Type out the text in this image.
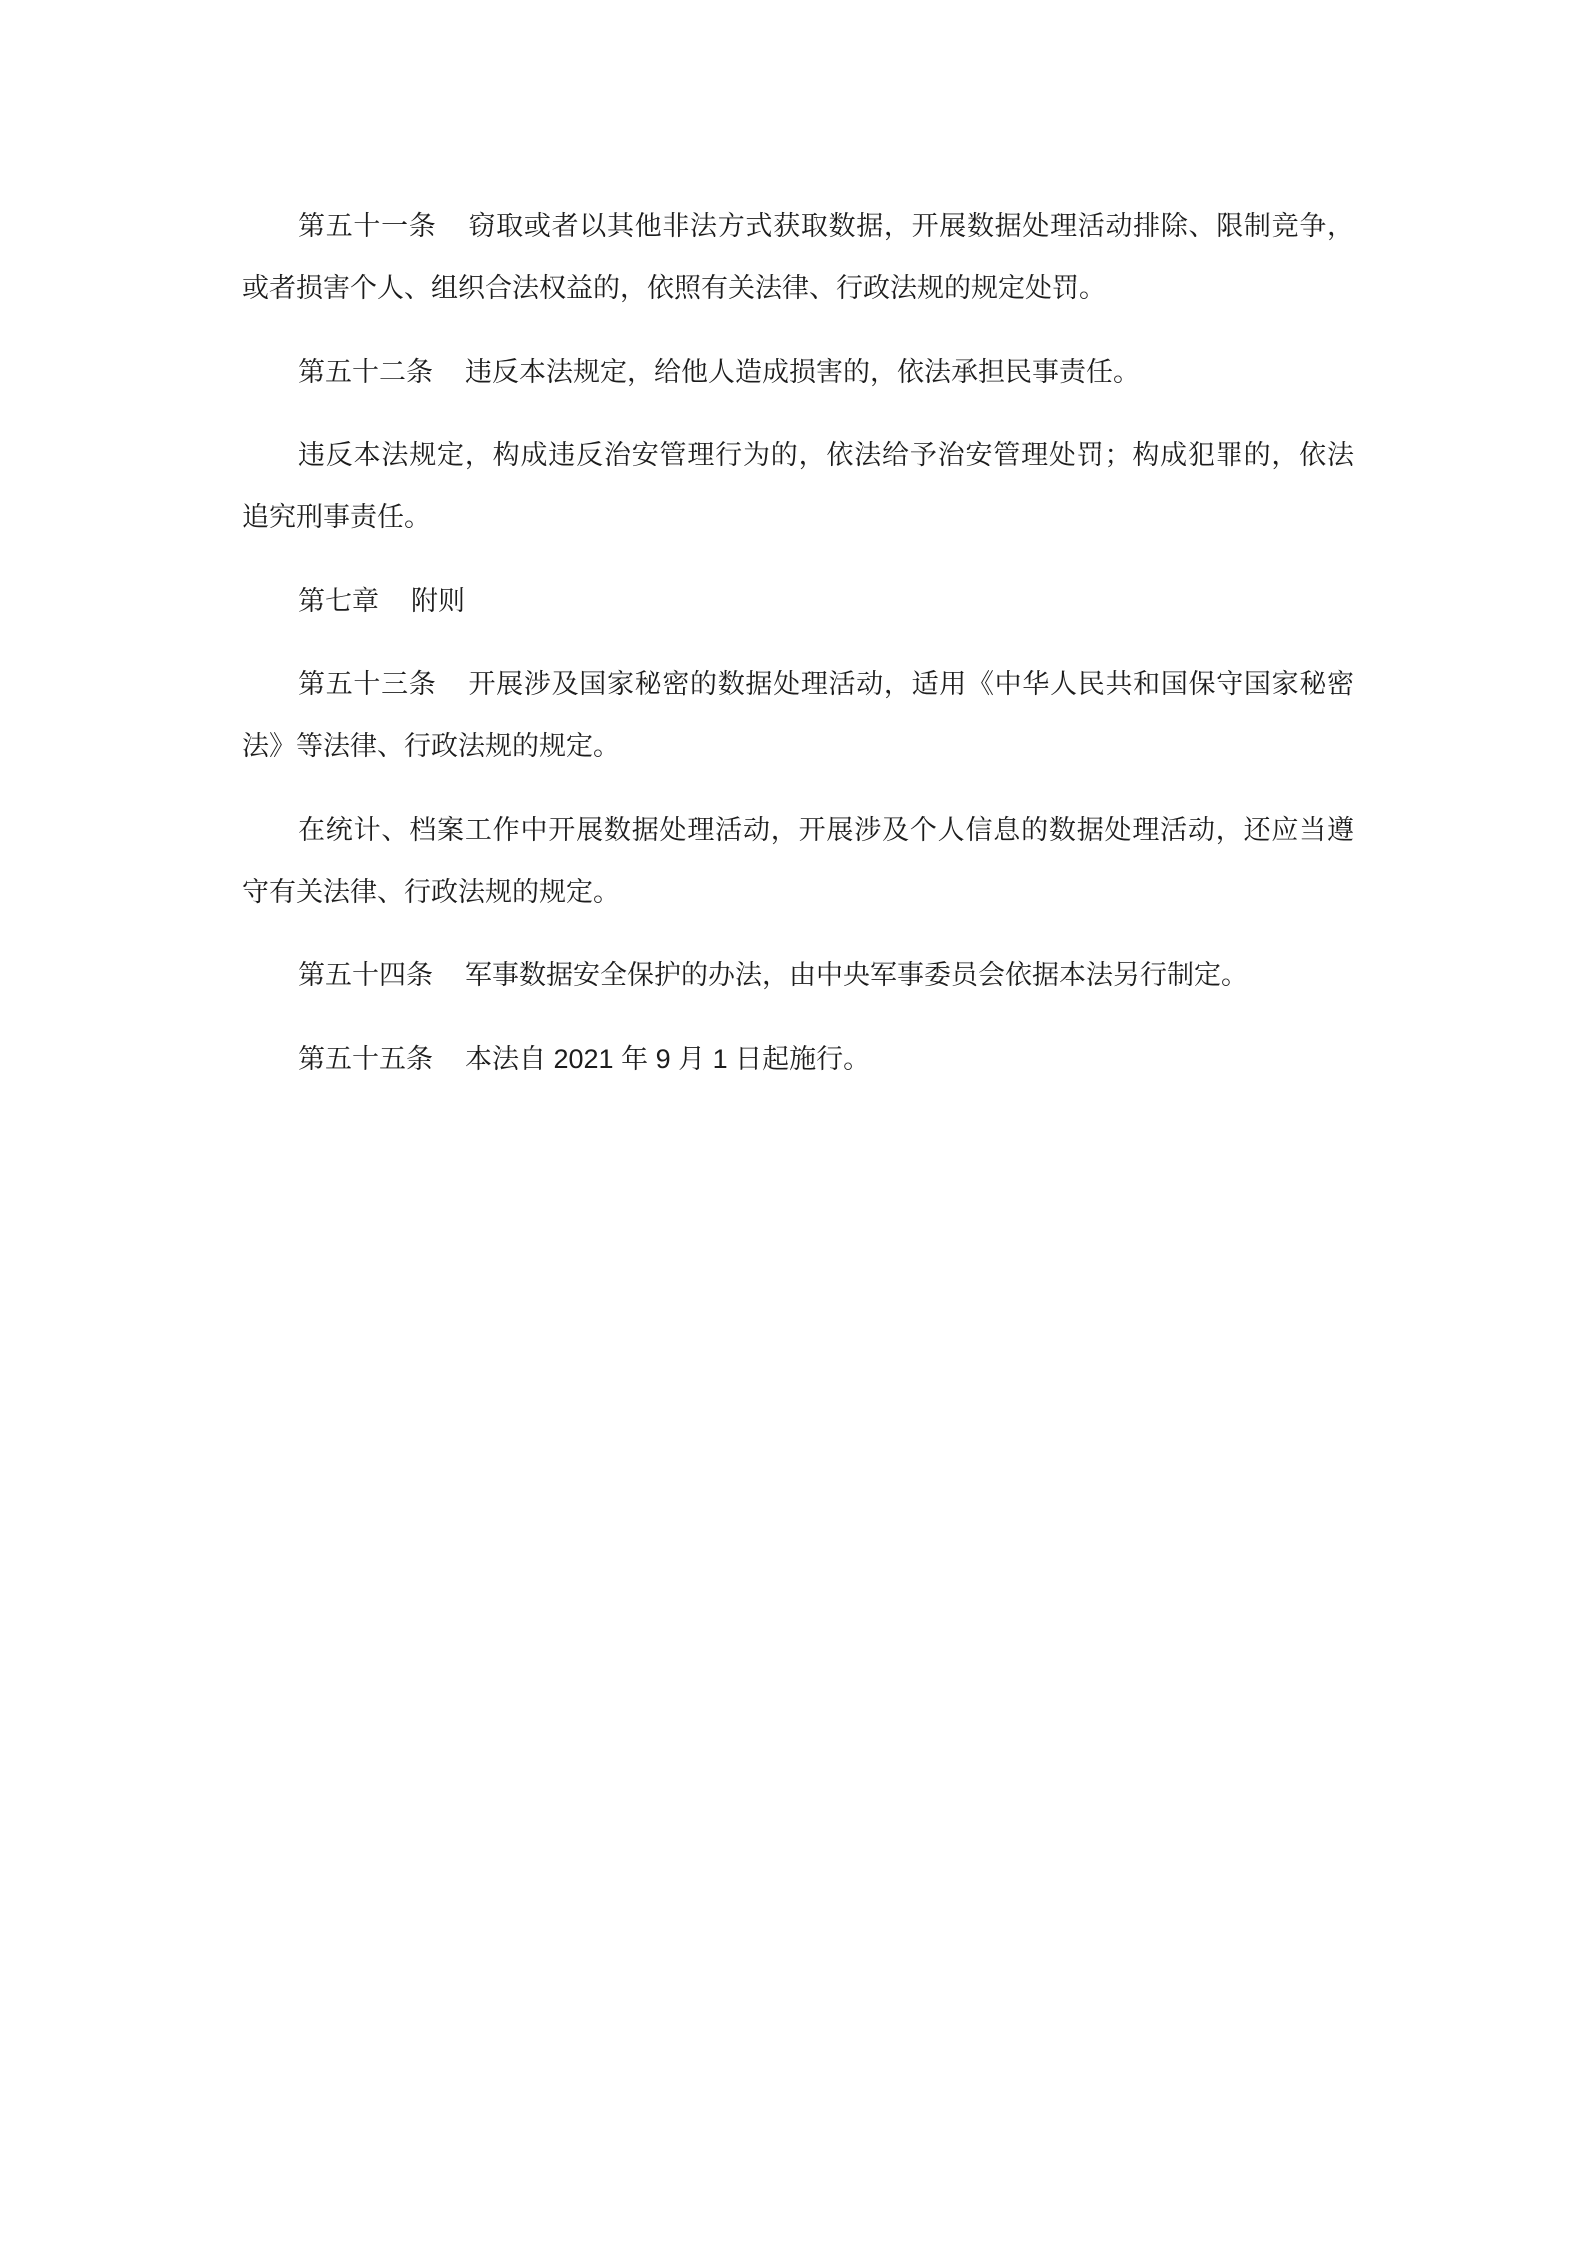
第五十一条 窃取或者以其他非法方式获取数据，开展数据处理活动排除、限制竞争，
或者损害个人、组织合法权益的，依照有关法律、行政法规的规定处罚。
第五十二条 违反本法规定，给他人造成损害的，依法承担民事责任。
违反本法规定，构成违反治安管理行为的，依法给予治安管理处罚；构成犯罪的，依法
追究刑事责任。
第七章 附则
第五十三条 开展涉及国家秘密的数据处理活动，适用《中华人民共和国保守国家秘密
法》等法律、行政法规的规定。
在统计、档案工作中开展数据处理活动，开展涉及个人信息的数据处理活动，还应当遵
守有关法律、行政法规的规定。
第五十四条 军事数据安全保护的办法，由中央军事委员会依据本法另行制定。
第五十五条 本法自 2021 年 9 月 1 日起施行。
